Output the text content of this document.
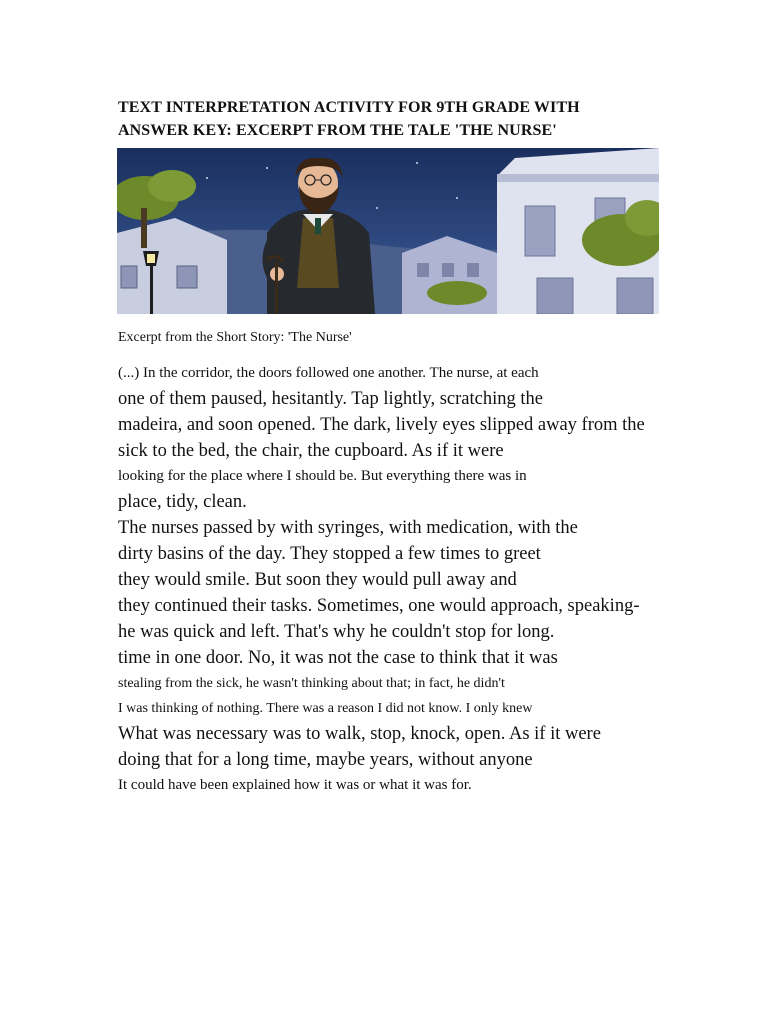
TEXT INTERPRETATION ACTIVITY FOR 9TH GRADE WITH
ANSWER KEY: EXCERPT FROM THE TALE 'THE NURSE'
Excerpt from the Short Story: 'The Nurse'
(...) In the corridor, the doors followed one another. The nurse, at each
one of them paused, hesitantly. Tap lightly, scratching the
madeira, and soon opened. The dark, lively eyes slipped away from the
sick to the bed, the chair, the cupboard. As if it were
looking for the place where I should be. But everything there was in
place, tidy, clean.
The nurses passed by with syringes, with medication, with the
dirty basins of the day. They stopped a few times to greet
they would smile. But soon they would pull away and
they continued their tasks. Sometimes, one would approach, speaking-
he was quick and left. That's why he couldn't stop for long.
time in one door. No, it was not the case to think that it was
stealing from the sick, he wasn't thinking about that; in fact, he didn't
I was thinking of nothing. There was a reason I did not know. I only knew
What was necessary was to walk, stop, knock, open. As if it were
doing that for a long time, maybe years, without anyone
It could have been explained how it was or what it was for.
